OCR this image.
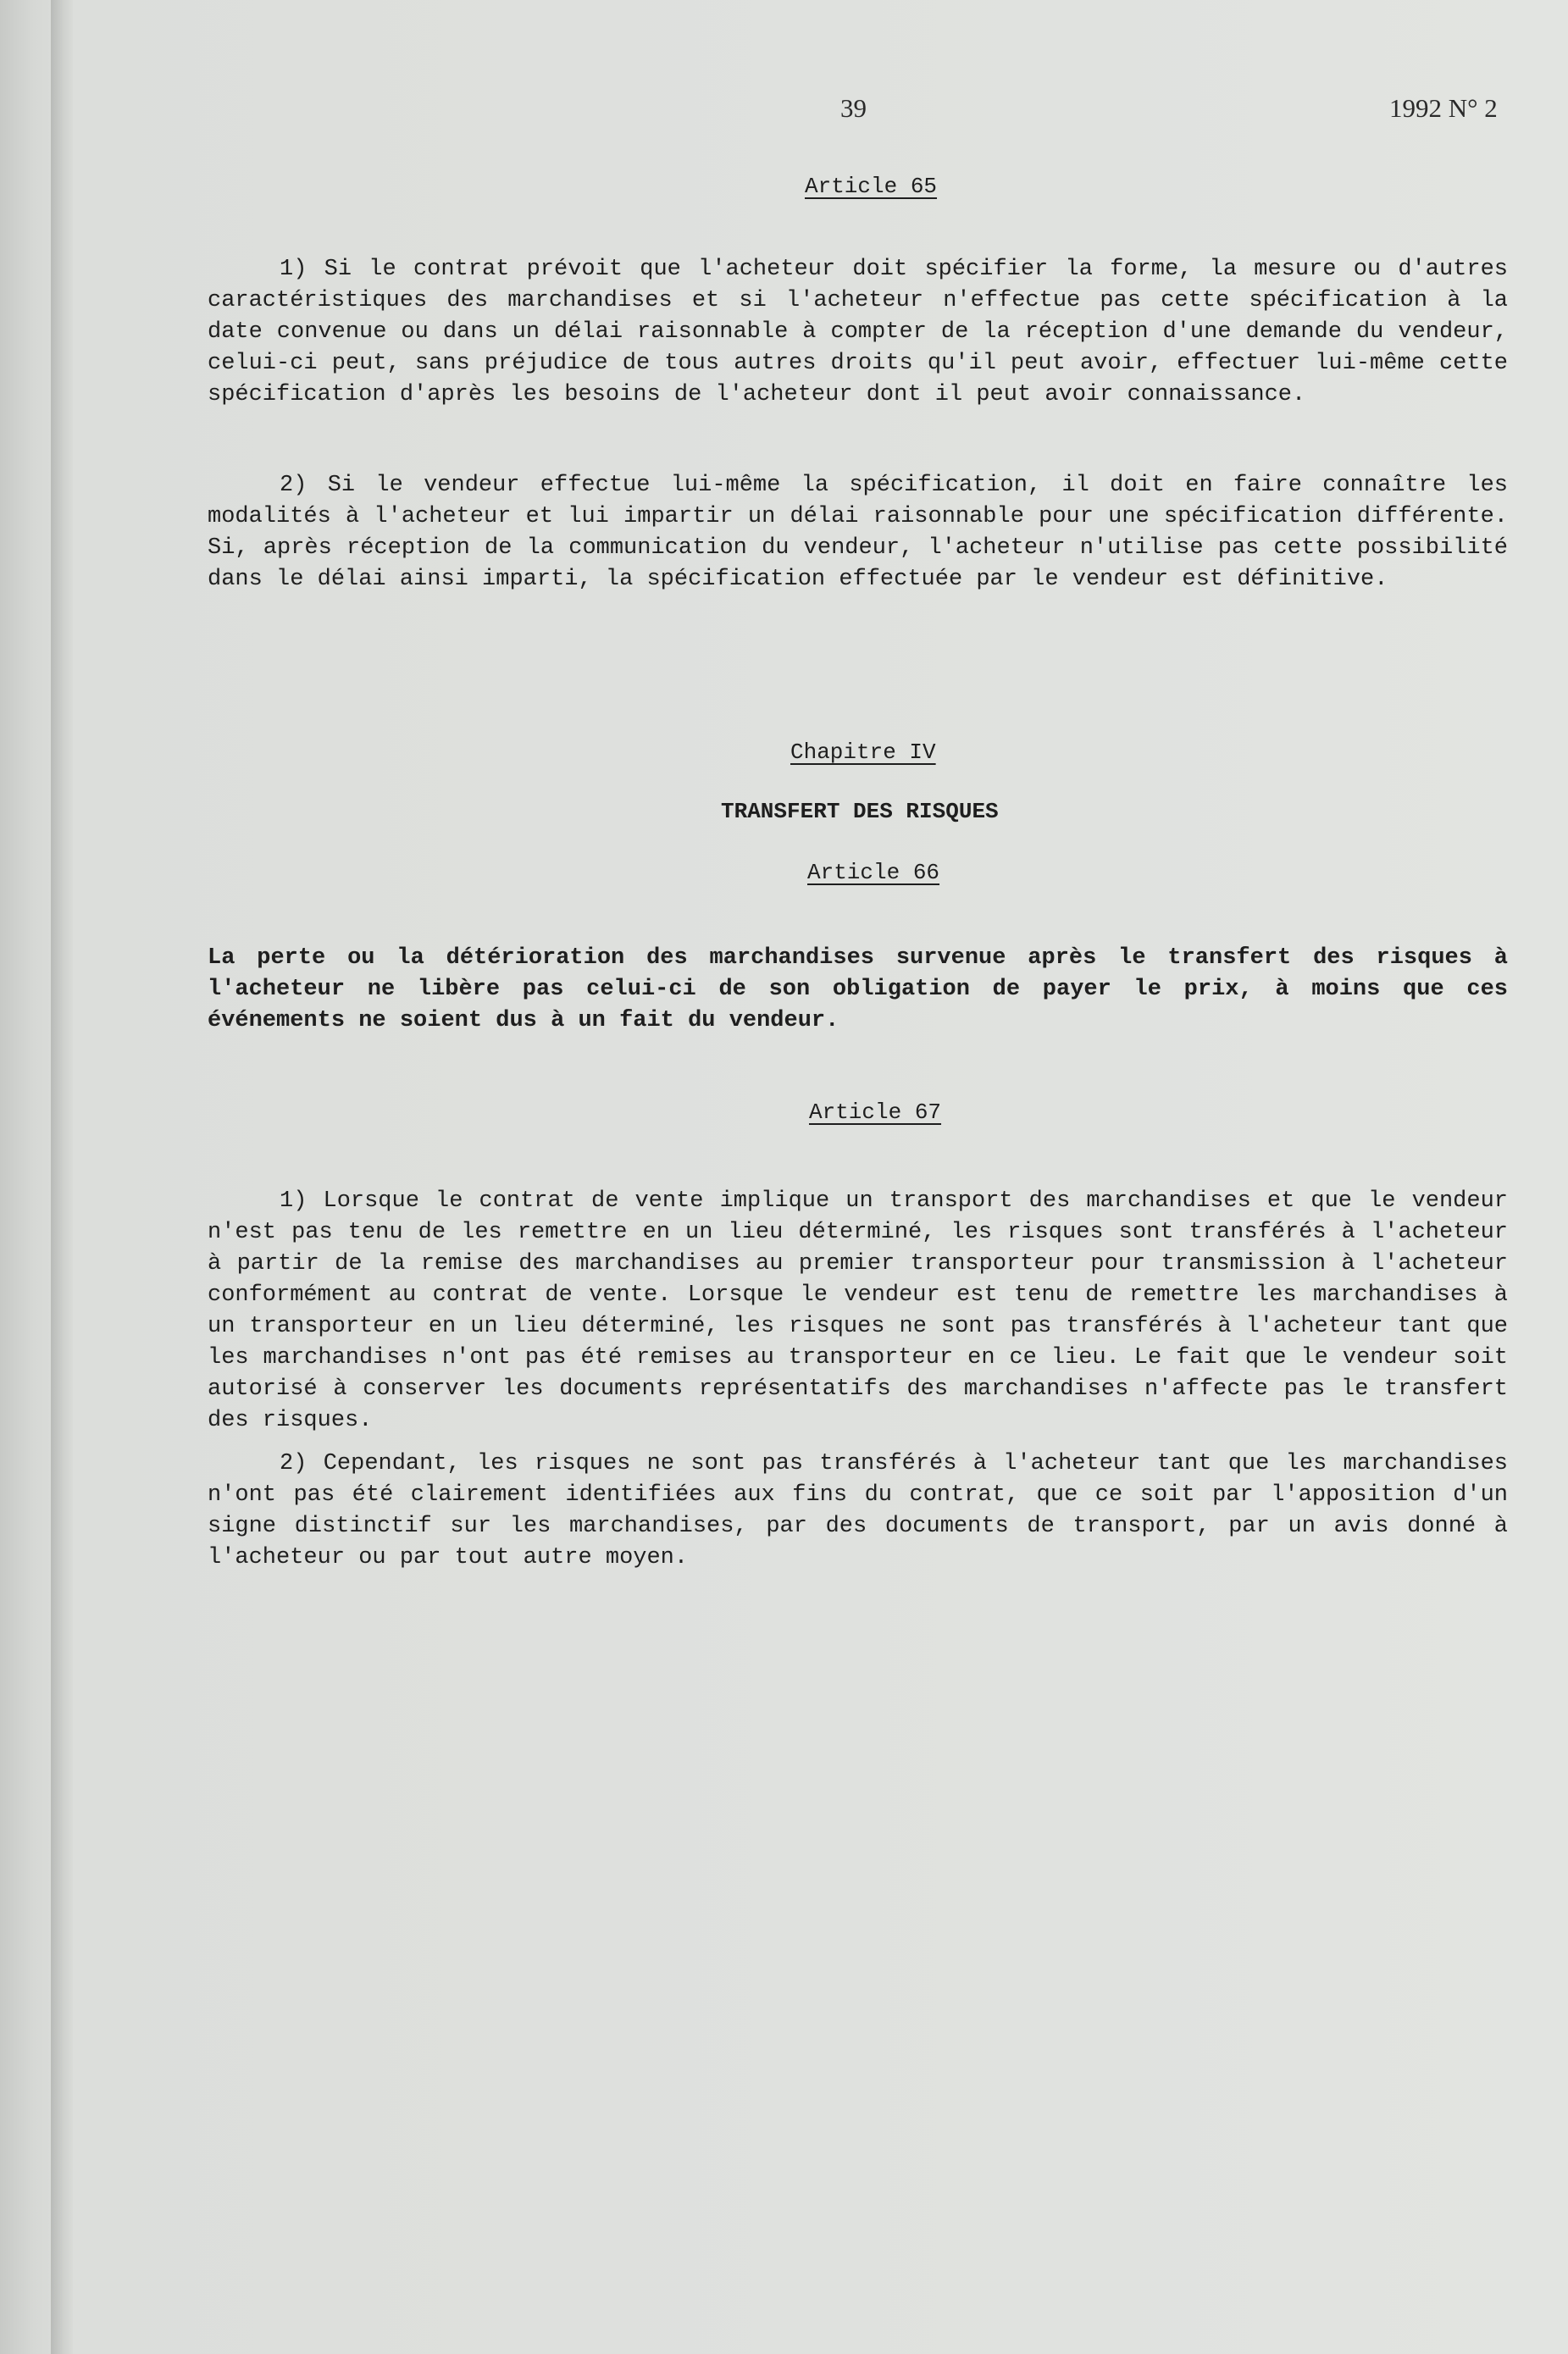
39	1992 N° 2
Article 65

1) Si le contrat prévoit que l'acheteur doit spécifier la forme, la mesure ou d'autres caractéristiques des marchandises et si l'acheteur n'effectue pas cette spécification à la date convenue ou dans un délai raisonnable à compter de la réception d'une demande du vendeur, celui-ci peut, sans préjudice de tous autres droits qu'il peut avoir, effectuer lui-même cette spécification d'après les besoins de l'acheteur dont il peut avoir connaissance.

2) Si le vendeur effectue lui-même la spécification, il doit en faire connaître les modalités à l'acheteur et lui impartir un délai raisonnable pour une spécification différente. Si, après réception de la communication du vendeur, l'acheteur n'utilise pas cette possibilité dans le délai ainsi imparti, la spécification effectuée par le vendeur est définitive.

Chapitre IV
TRANSFERT DES RISQUES
Article 66

La perte ou la détérioration des marchandises survenue après le transfert des risques à l'acheteur ne libère pas celui-ci de son obligation de payer le prix, à moins que ces événements ne soient dus à un fait du vendeur.

Article 67

1) Lorsque le contrat de vente implique un transport des marchandises et que le vendeur n'est pas tenu de les remettre en un lieu déterminé, les risques sont transférés à l'acheteur à partir de la remise des marchandises au premier transporteur pour transmission à l'acheteur conformément au contrat de vente. Lorsque le vendeur est tenu de remettre les marchandises à un transporteur en un lieu déterminé, les risques ne sont pas transférés à l'acheteur tant que les marchandises n'ont pas été remises au transporteur en ce lieu. Le fait que le vendeur soit autorisé à conserver les documents représentatifs des marchandises n'affecte pas le transfert des risques.

2) Cependant, les risques ne sont pas transférés à l'acheteur tant que les marchandises n'ont pas été clairement identifiées aux fins du contrat, que ce soit par l'apposition d'un signe distinctif sur les marchandises, par des documents de transport, par un avis donné à l'acheteur ou par tout autre moyen.
